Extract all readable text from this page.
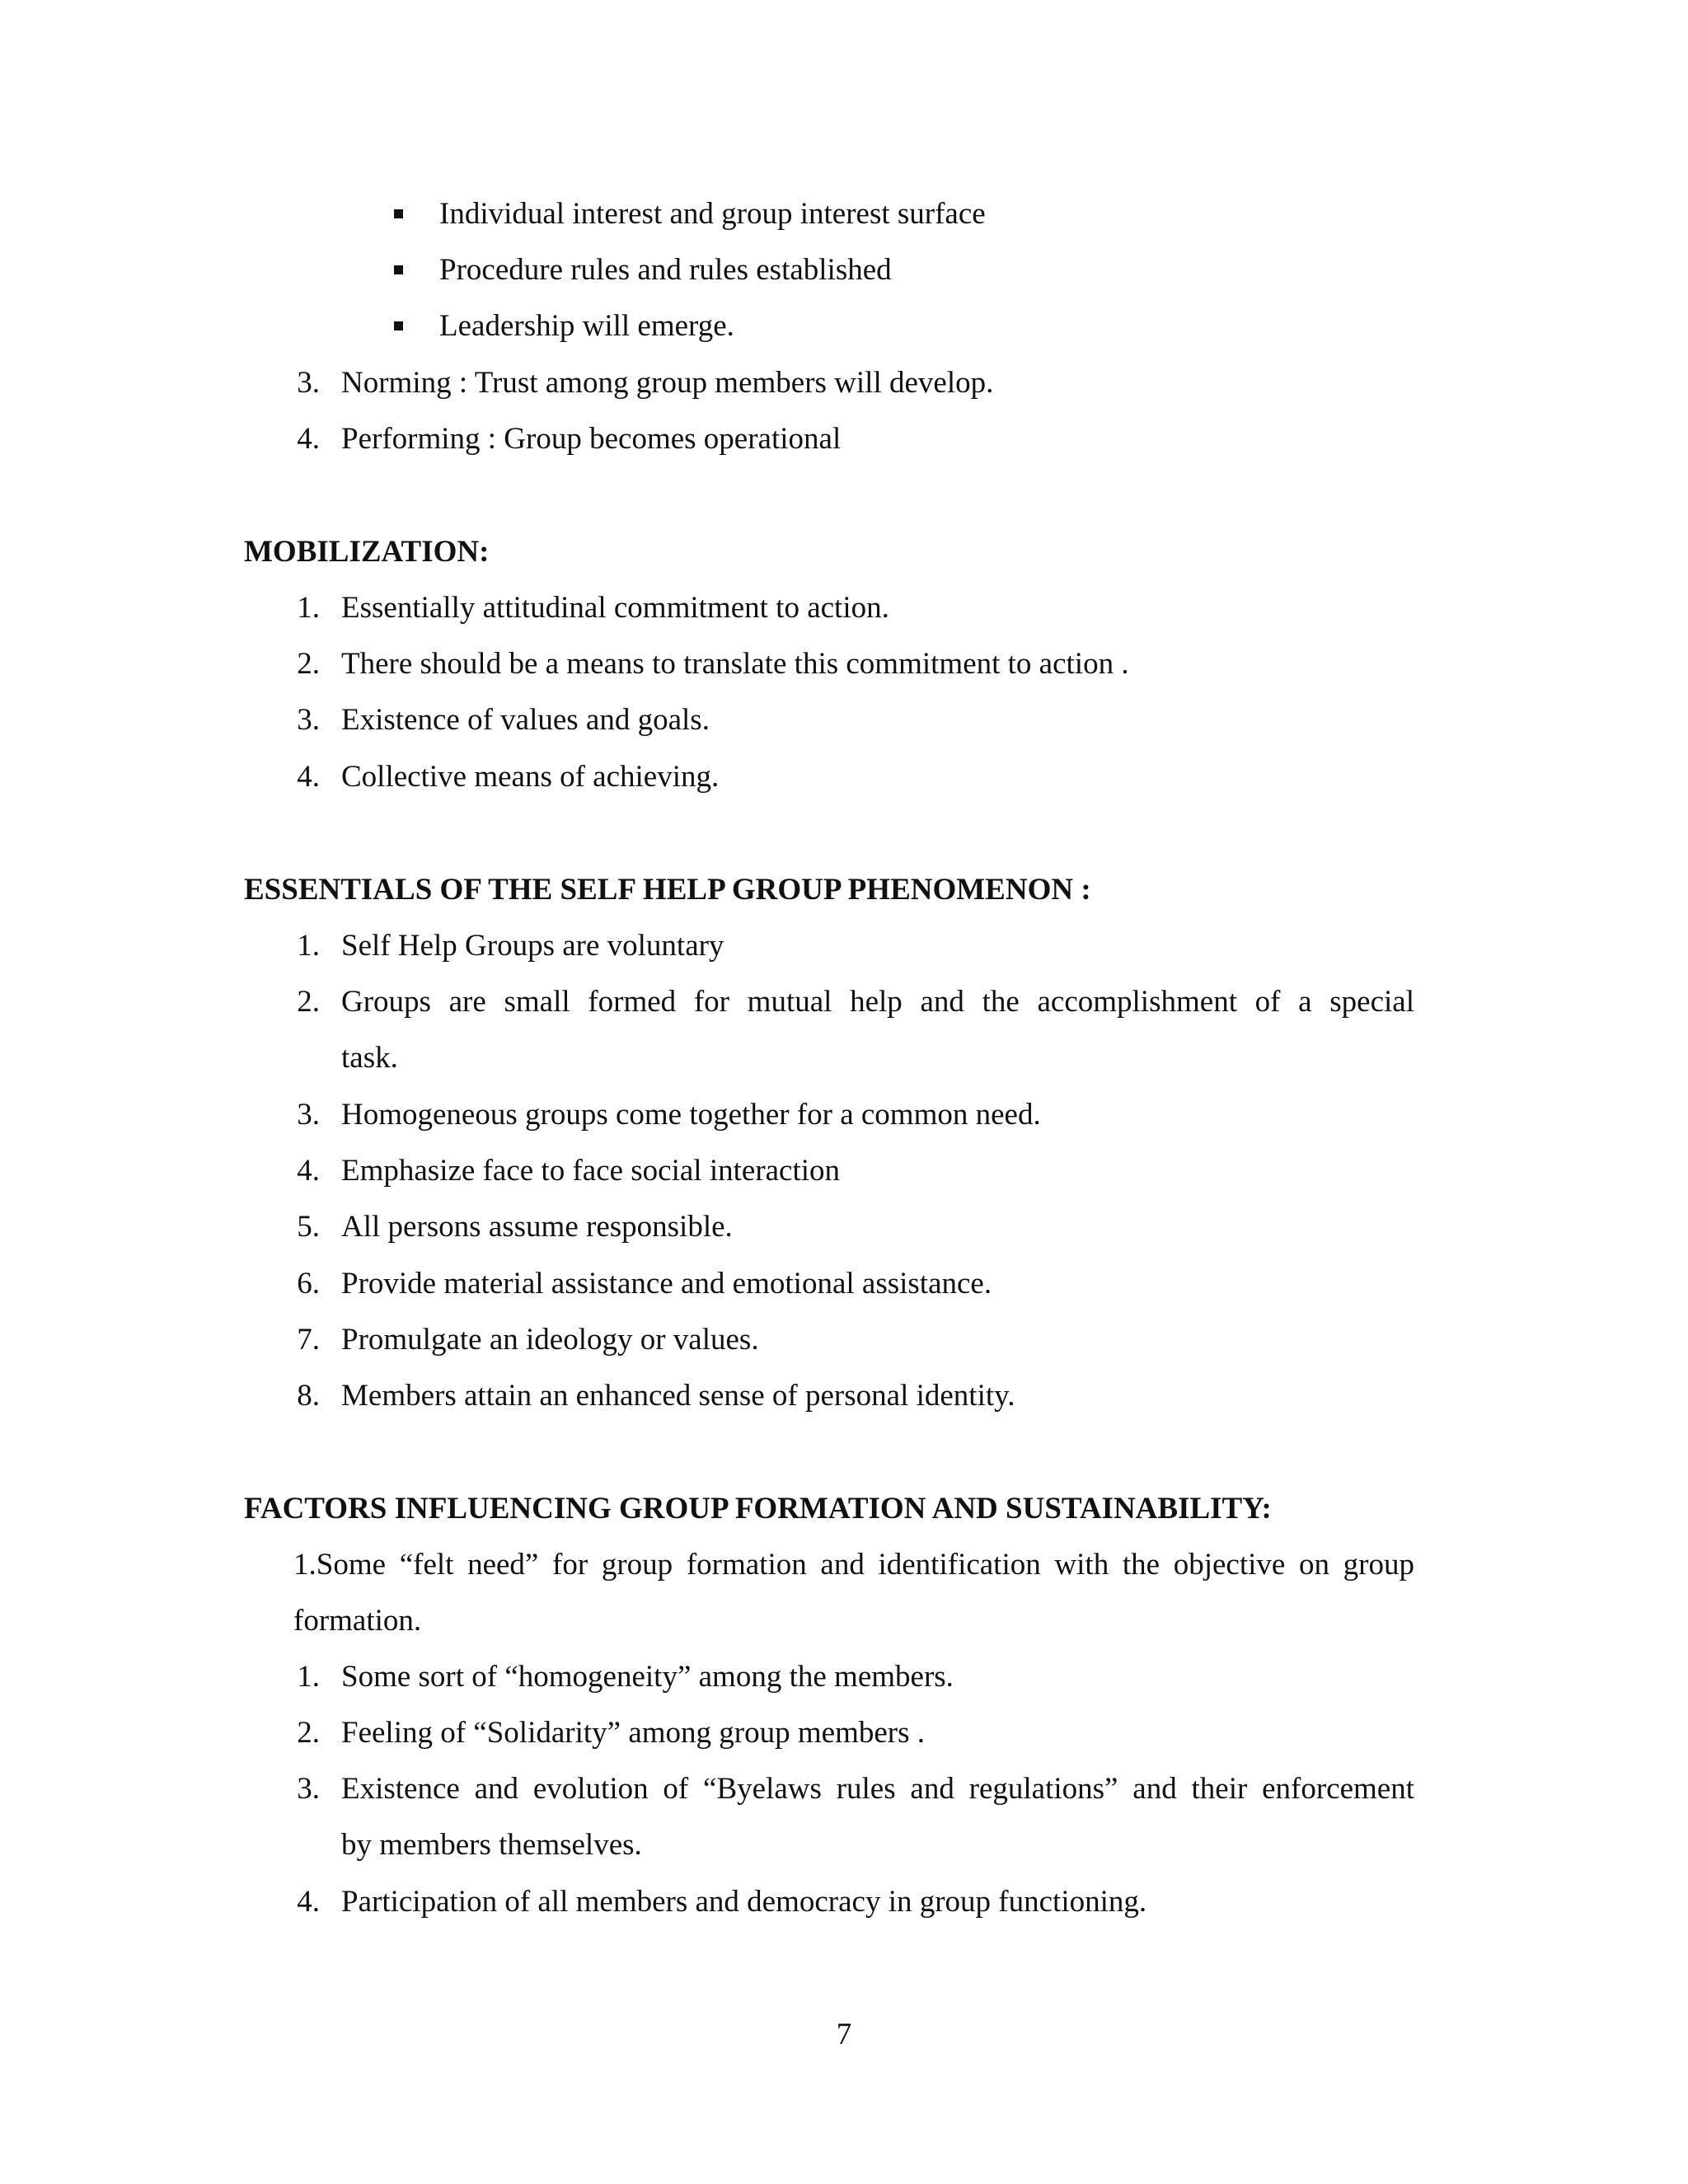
Individual interest and group interest surface
Procedure rules and rules established
Leadership will emerge.
3. Norming : Trust among group members will develop.
4. Performing : Group becomes operational
MOBILIZATION:
1. Essentially attitudinal commitment to action.
2. There should be a means to translate this commitment to action .
3. Existence of values and goals.
4. Collective means of achieving.
ESSENTIALS OF THE SELF HELP GROUP PHENOMENON :
1. Self Help Groups are voluntary
2. Groups are small formed for mutual help and the accomplishment of a special
task.
3. Homogeneous groups come together for a common need.
4. Emphasize face to face social interaction
5. All persons assume responsible.
6. Provide material assistance and emotional assistance.
7. Promulgate an ideology or values.
8. Members attain an enhanced sense of personal identity.
FACTORS INFLUENCING GROUP FORMATION AND SUSTAINABILITY:
1.Some “felt need” for group formation and identification with the objective on group
formation.
1. Some sort of “homogeneity” among the members.
2. Feeling of “Solidarity” among group members .
3. Existence and evolution of “Byelaws rules and regulations” and their enforcement
by members themselves.
4. Participation of all members and democracy in group functioning.
7
